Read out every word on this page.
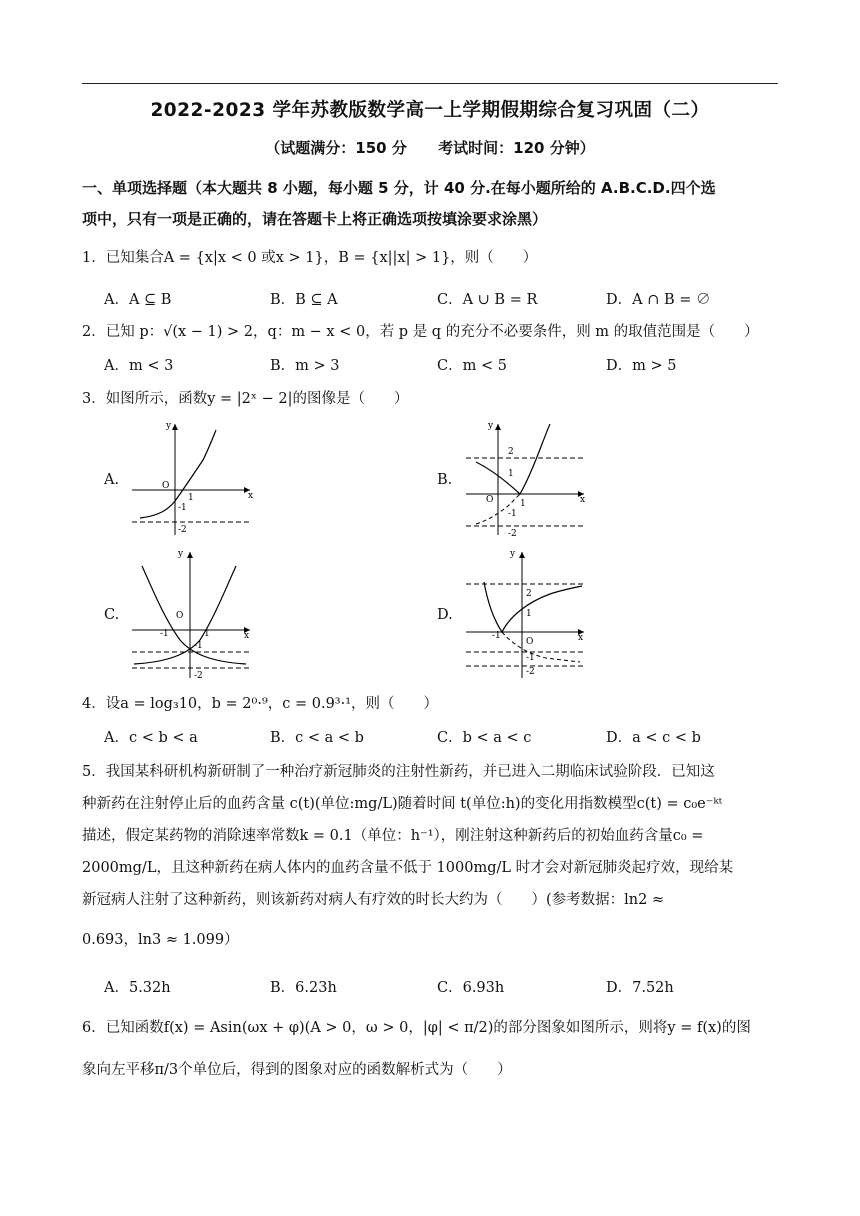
2022-2023 学年苏教版数学高一上学期假期综合复习巩固（二）
（试题满分：150 分      考试时间：120 分钟）
一、单项选择题（本大题共 8 小题，每小题 5 分，计 40 分.在每小题所给的 A.B.C.D.四个选
项中，只有一项是正确的，请在答题卡上将正确选项按填涂要求涂黑）
1．已知集合A = {x|x < 0 或x > 1}，B = {x||x| > 1}，则（　　）
A．A ⊆ B	B．B ⊆ A	C．A ∪ B = R	D．A ∩ B = ∅
2．已知 p：√(x − 1) > 2，q：m − x < 0，若 p 是 q 的充分不必要条件，则 m 的取值范围是（　　）
A．m < 3	B．m > 3	C．m < 5	D．m > 5
3．如图所示，函数y = |2ˣ − 2|的图像是（　　）
A.
y
x
O
1
-1
-2
B.
y
x
O
2
1
1
-1
-2
C.
y
x
O
-1	1
-1
-2
D.
y
x
O
2
1
-1
-1
-2
4．设a = log₃10，b = 2⁰·⁹，c = 0.9³·¹，则（　　）
A．c < b < a	B．c < a < b	C．b < a < c	D．a < c < b
5．我国某科研机构新研制了一种治疗新冠肺炎的注射性新药，并已进入二期临床试验阶段．已知这
种新药在注射停止后的血药含量 c(t)(单位:mg/L)随着时间 t(单位:h)的变化用指数模型c(t) = c₀e⁻ᵏᵗ
描述，假定某药物的消除速率常数k = 0.1（单位：h⁻¹），刚注射这种新药后的初始血药含量c₀ =
2000mg/L，且这种新药在病人体内的血药含量不低于 1000mg/L 时才会对新冠肺炎起疗效，现给某
新冠病人注射了这种新药，则该新药对病人有疗效的时长大约为（　　）(参考数据：ln2 ≈
0.693，ln3 ≈ 1.099）
A．5.32h	B．6.23h	C．6.93h	D．7.52h
6．已知函数f(x) = Asin(ωx + φ)(A > 0，ω > 0，|φ| < π/2)的部分图象如图所示，则将y = f(x)的图
象向左平移π/3个单位后，得到的图象对应的函数解析式为（　　）
